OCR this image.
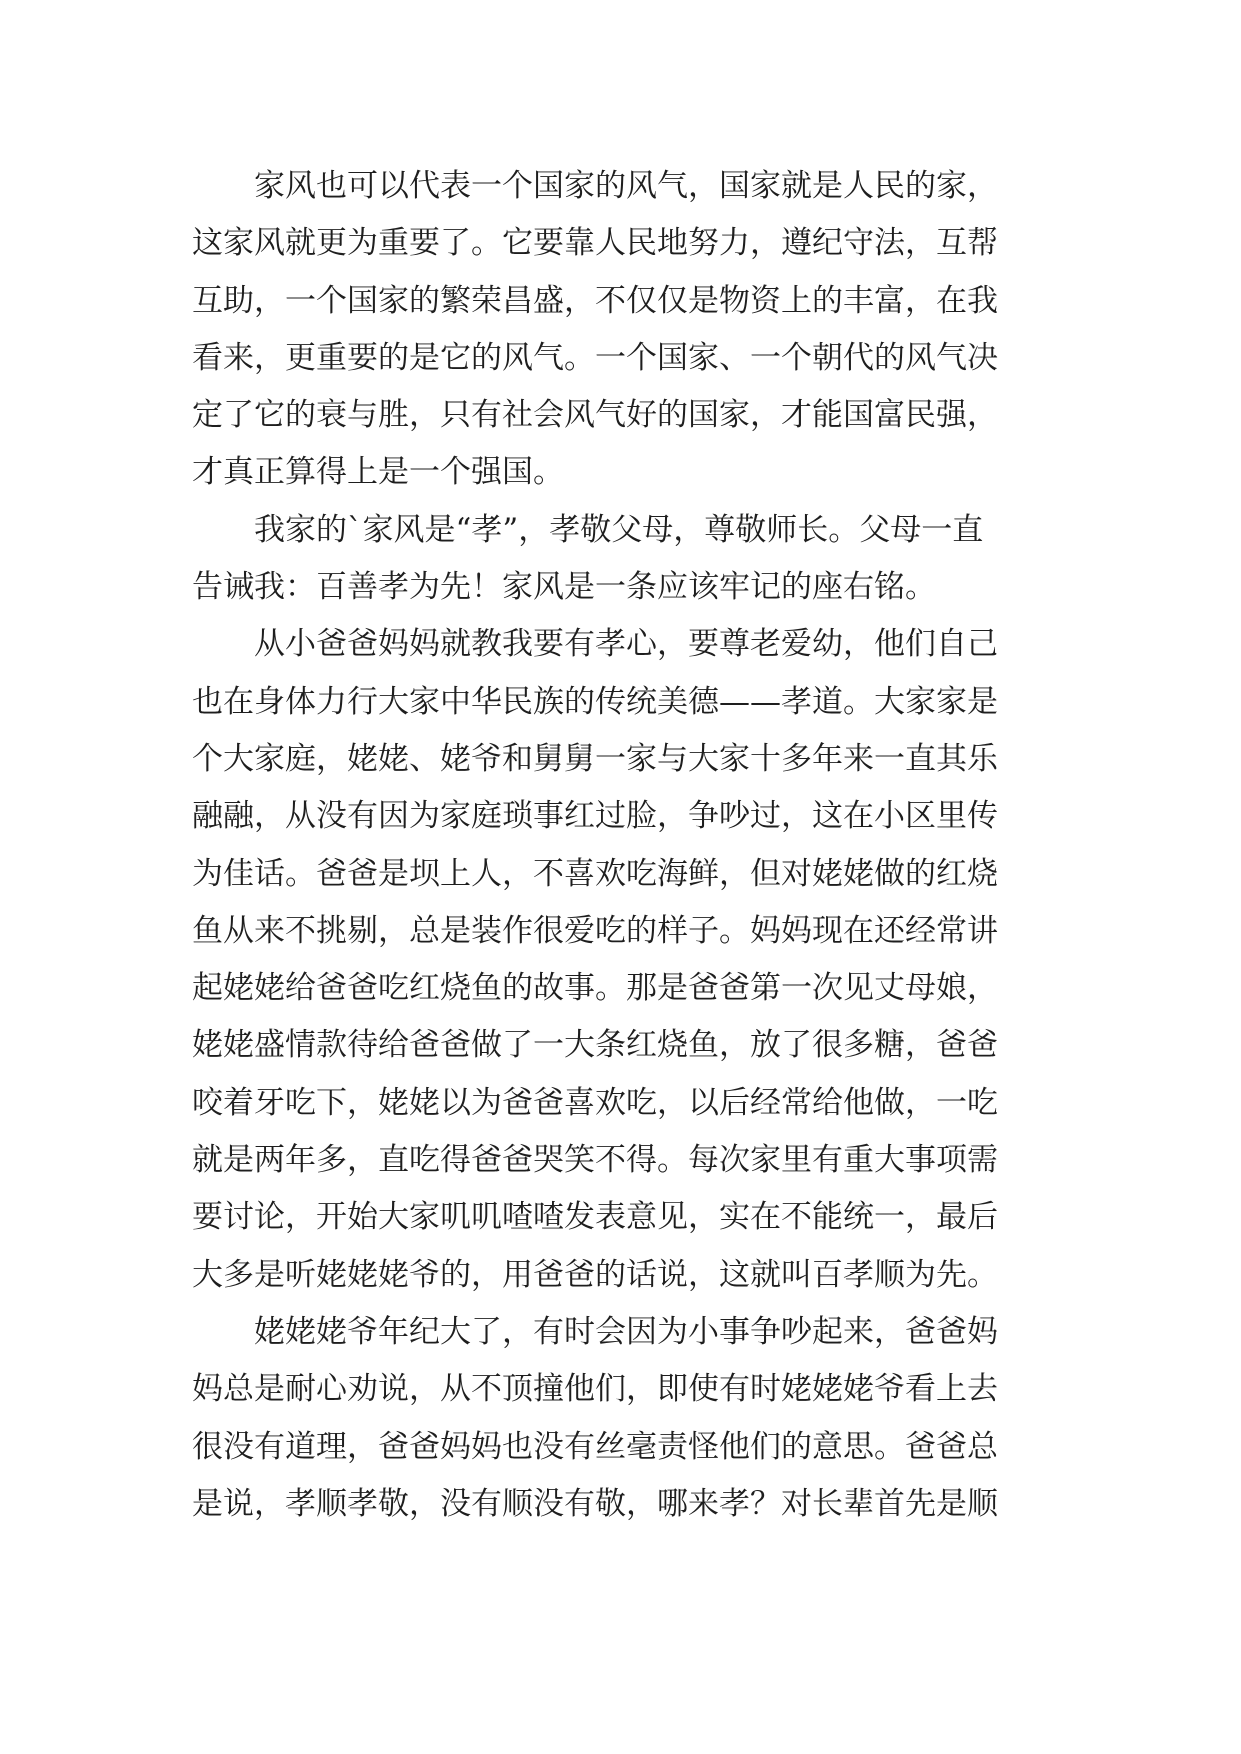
家风也可以代表一个国家的风气，国家就是人民的家，
这家风就更为重要了。它要靠人民地努力，遵纪守法，互帮
互助，一个国家的繁荣昌盛，不仅仅是物资上的丰富，在我
看来，更重要的是它的风气。一个国家、一个朝代的风气决
定了它的衰与胜，只有社会风气好的国家，才能国富民强，
才真正算得上是一个强国。
我家的`家风是“孝”，孝敬父母，尊敬师长。父母一直
告诫我：百善孝为先！家风是一条应该牢记的座右铭。
从小爸爸妈妈就教我要有孝心，要尊老爱幼，他们自己
也在身体力行大家中华民族的传统美德——孝道。大家家是
个大家庭，姥姥、姥爷和舅舅一家与大家十多年来一直其乐
融融，从没有因为家庭琐事红过脸，争吵过，这在小区里传
为佳话。爸爸是坝上人，不喜欢吃海鲜，但对姥姥做的红烧
鱼从来不挑剔，总是装作很爱吃的样子。妈妈现在还经常讲
起姥姥给爸爸吃红烧鱼的故事。那是爸爸第一次见丈母娘，
姥姥盛情款待给爸爸做了一大条红烧鱼，放了很多糖，爸爸
咬着牙吃下，姥姥以为爸爸喜欢吃，以后经常给他做，一吃
就是两年多，直吃得爸爸哭笑不得。每次家里有重大事项需
要讨论，开始大家叽叽喳喳发表意见，实在不能统一，最后
大多是听姥姥姥爷的，用爸爸的话说，这就叫百孝顺为先。
姥姥姥爷年纪大了，有时会因为小事争吵起来，爸爸妈
妈总是耐心劝说，从不顶撞他们，即使有时姥姥姥爷看上去
很没有道理，爸爸妈妈也没有丝毫责怪他们的意思。爸爸总
是说，孝顺孝敬，没有顺没有敬，哪来孝？对长辈首先是顺
